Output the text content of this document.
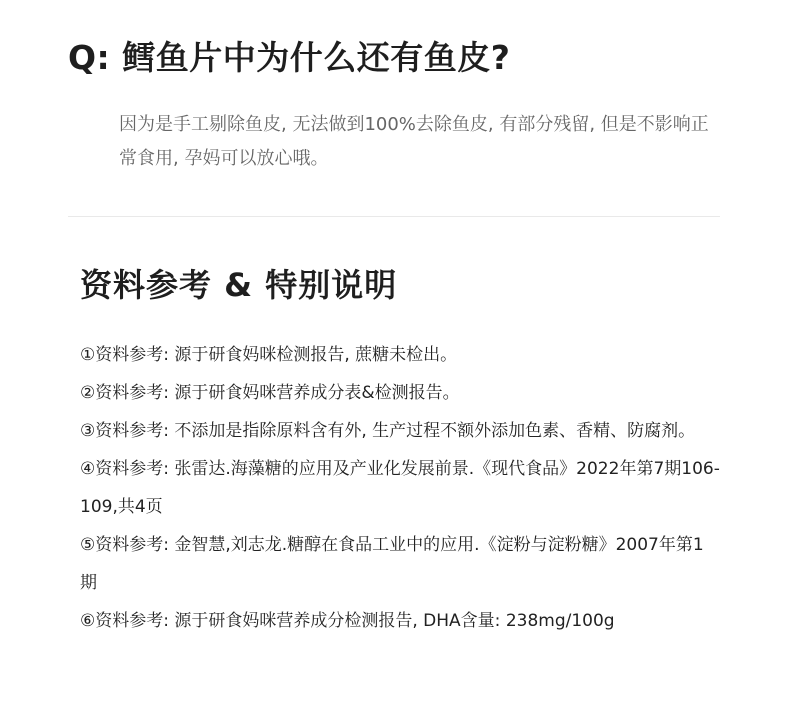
Q: 鳕鱼片中为什么还有鱼皮?

因为是手工剔除鱼皮, 无法做到100%去除鱼皮, 有部分残留, 但是不影响正常食用, 孕妈可以放心哦。

资料参考 & 特别说明
①资料参考: 源于研食妈咪检测报告, 蔗糖未检出。
②资料参考: 源于研食妈咪营养成分表&检测报告。
③资料参考: 不添加是指除原料含有外, 生产过程不额外添加色素、香精、防腐剂。
④资料参考: 张雷达.海藻糖的应用及产业化发展前景.《现代食品》2022年第7期106-109,共4页
⑤资料参考: 金智慧,刘志龙.糖醇在食品工业中的应用.《淀粉与淀粉糖》2007年第1期
⑥资料参考: 源于研食妈咪营养成分检测报告, DHA含量: 238mg/100g
